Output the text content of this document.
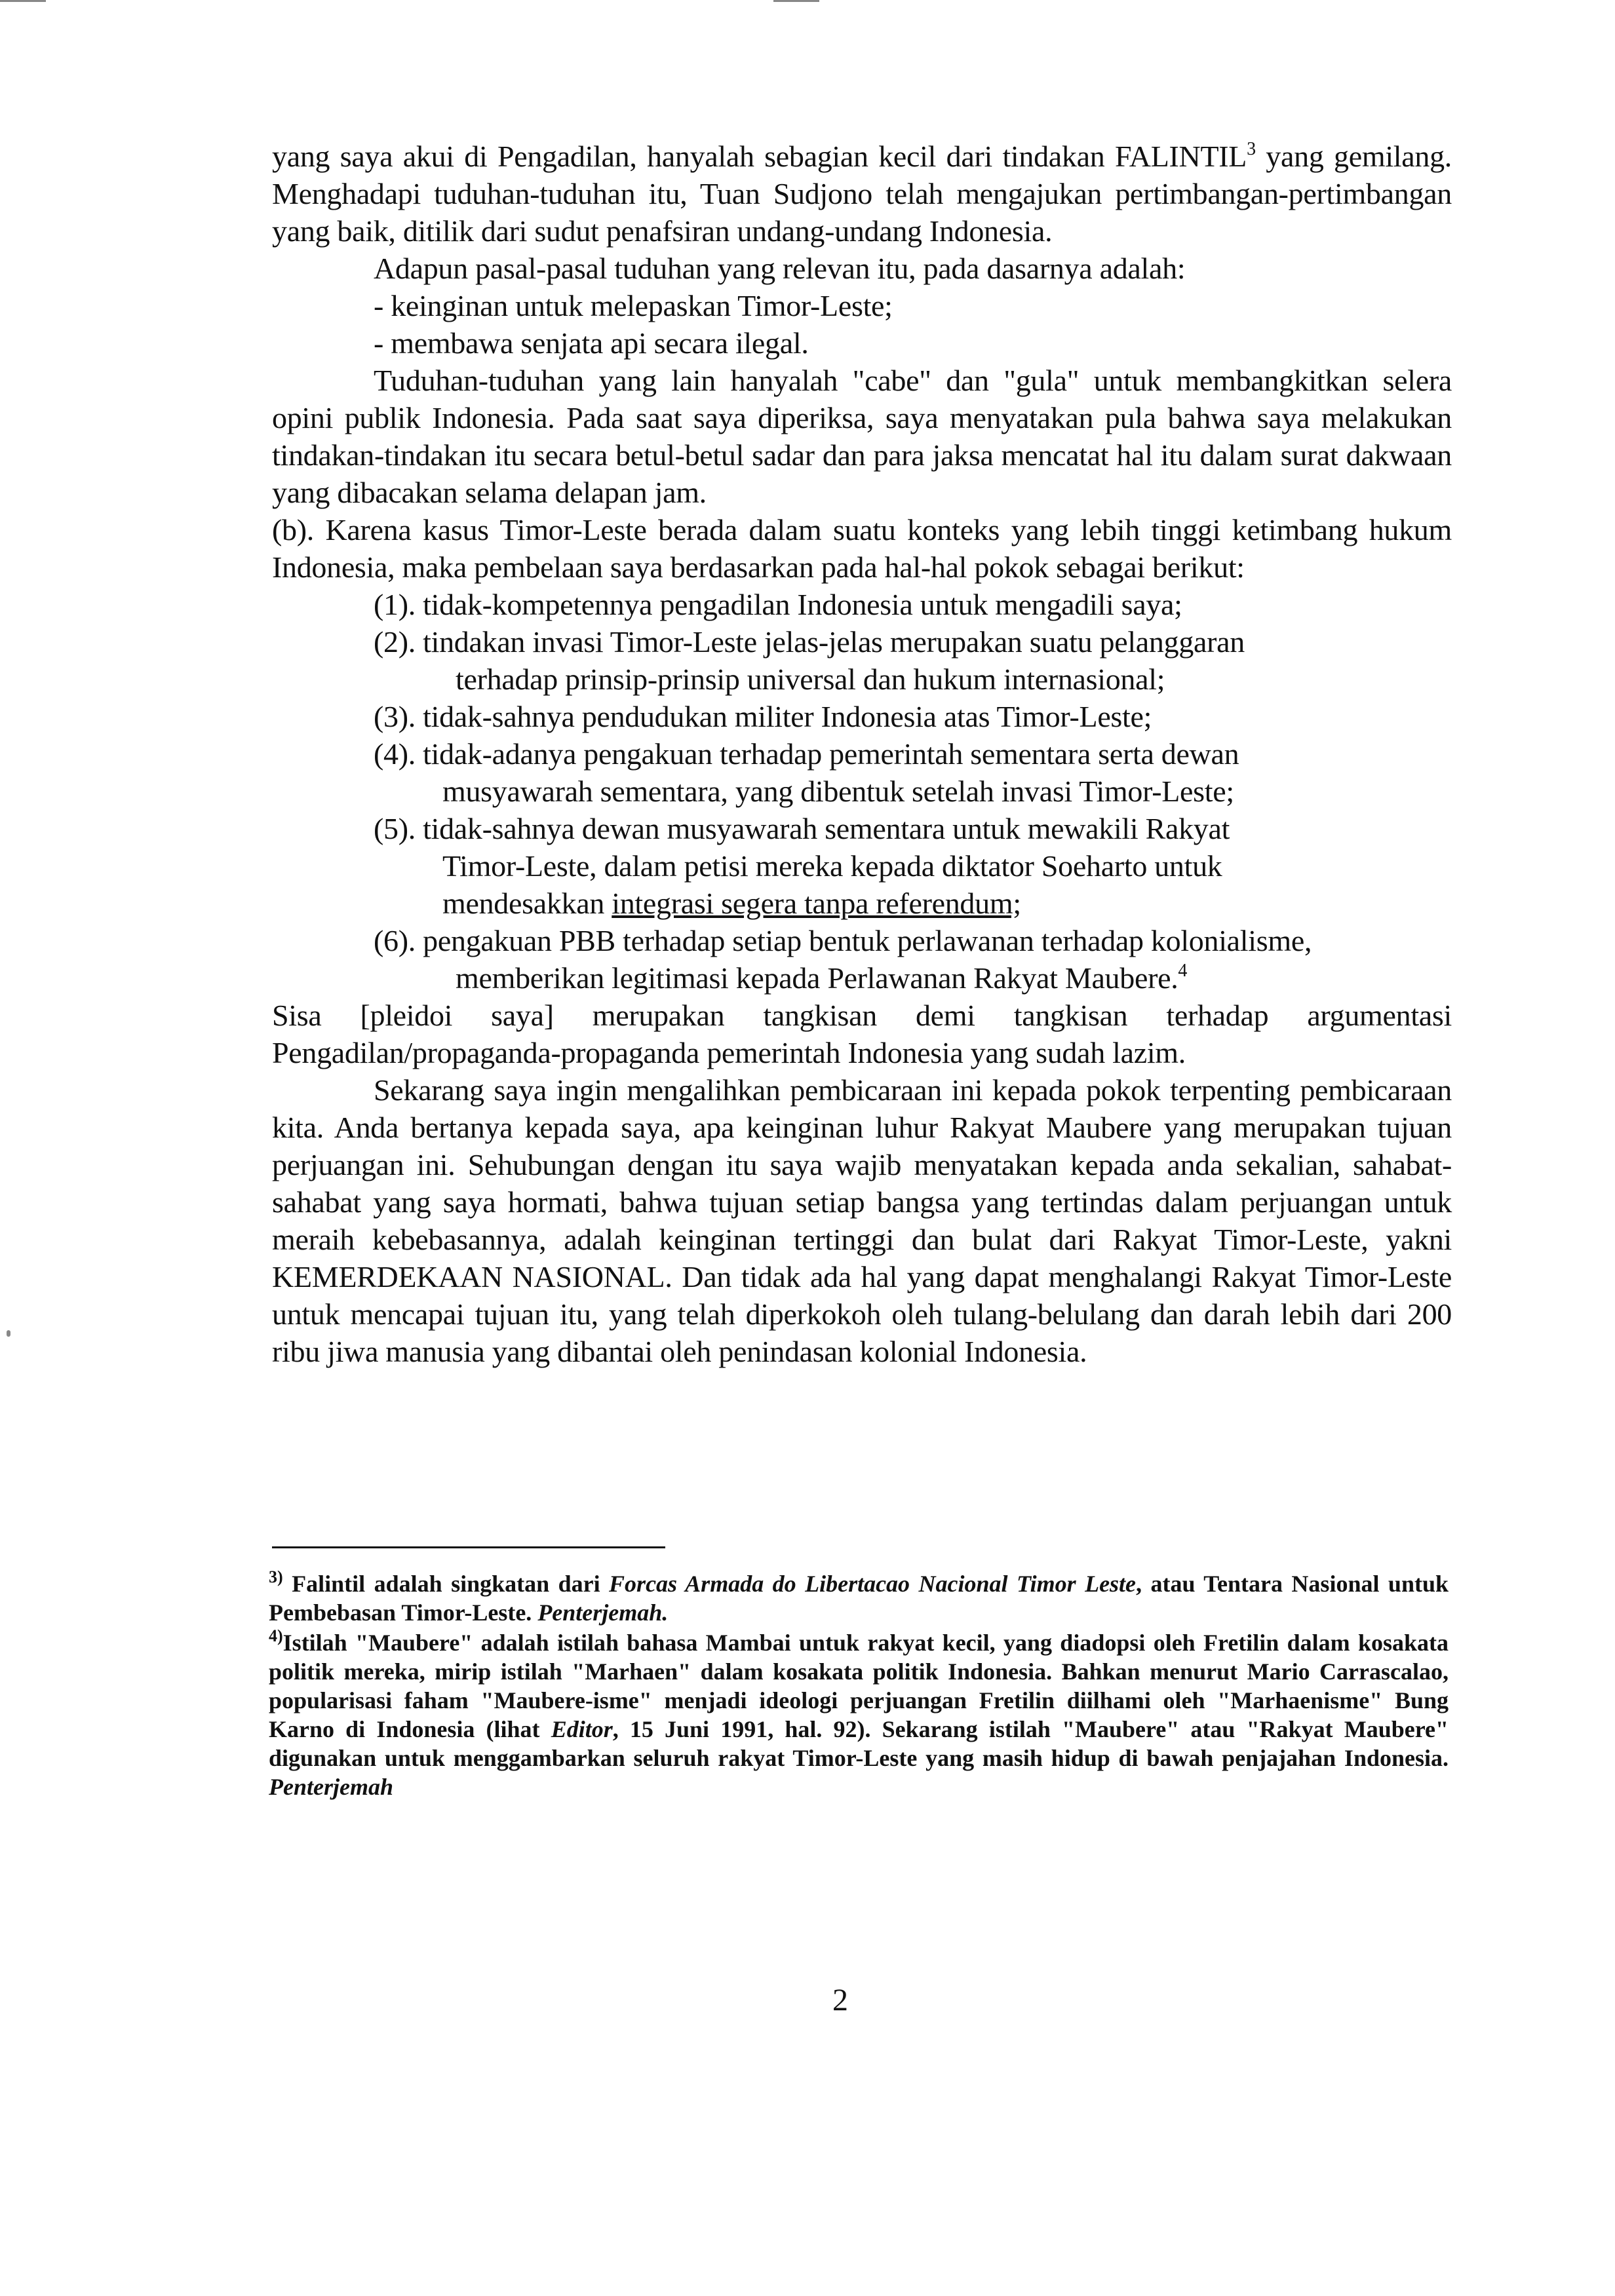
yang saya akui di Pengadilan, hanyalah sebagian kecil dari tindakan FALINTIL$^3$ yang gemilang. Menghadapi tuduhan-tuduhan itu, Tuan Sudjono telah mengajukan pertimbangan-pertimbangan yang baik, ditilik dari sudut penafsiran undang-undang Indonesia.

Adapun pasal-pasal tuduhan yang relevan itu, pada dasarnya adalah:

- keinginan untuk melepaskan Timor-Leste;

- membawa senjata api secara ilegal.

Tuduhan-tuduhan yang lain hanyalah "cabe" dan "gula" untuk membangkitkan selera opini publik Indonesia. Pada saat saya diperiksa, saya menyatakan pula bahwa saya melakukan tindakan-tindakan itu secara betul-betul sadar dan para jaksa mencatat hal itu dalam surat dakwaan yang dibacakan selama delapan jam.

(b). Karena kasus Timor-Leste berada dalam suatu konteks yang lebih tinggi ketimbang hukum Indonesia, maka pembelaan saya berdasarkan pada hal-hal pokok sebagai berikut:

(1). tidak-kompetennya pengadilan Indonesia untuk mengadili saya;
(2). tindakan invasi Timor-Leste jelas-jelas merupakan suatu pelanggaran
terhadap prinsip-prinsip universal dan hukum internasional;
(3). tidak-sahnya pendudukan militer Indonesia atas Timor-Leste;
(4). tidak-adanya pengakuan terhadap pemerintah sementara serta dewan
musyawarah sementara, yang dibentuk setelah invasi Timor-Leste;
(5). tidak-sahnya dewan musyawarah sementara untuk mewakili Rakyat
Timor-Leste, dalam petisi mereka kepada diktator Soeharto untuk
mendesakkan integrasi segera tanpa referendum;
(6). pengakuan PBB terhadap setiap bentuk perlawanan terhadap kolonialisme,
memberikan legitimasi kepada Perlawanan Rakyat Maubere.$^4$

Sisa [pleidoi saya] merupakan tangkisan demi tangkisan terhadap argumentasi Pengadilan/propaganda-propaganda pemerintah Indonesia yang sudah lazim.

Sekarang saya ingin mengalihkan pembicaraan ini kepada pokok terpenting pembicaraan kita. Anda bertanya kepada saya, apa keinginan luhur Rakyat Maubere yang merupakan tujuan perjuangan ini. Sehubungan dengan itu saya wajib menyatakan kepada anda sekalian, sahabat-sahabat yang saya hormati, bahwa tujuan setiap bangsa yang tertindas dalam perjuangan untuk meraih kebebasannya, adalah keinginan tertinggi dan bulat dari Rakyat Timor-Leste, yakni KEMERDEKAAN NASIONAL. Dan tidak ada hal yang dapat menghalangi Rakyat Timor-Leste untuk mencapai tujuan itu, yang telah diperkokoh oleh tulang-belulang dan darah lebih dari 200 ribu jiwa manusia yang dibantai oleh penindasan kolonial Indonesia.

$^{3)}$ Falintil adalah singkatan dari Forcas Armada do Libertacao Nacional Timor Leste, atau Tentara Nasional untuk Pembebasan Timor-Leste. Penterjemah.

$^{4)}$Istilah "Maubere" adalah istilah bahasa Mambai untuk rakyat kecil, yang diadopsi oleh Fretilin dalam kosakata politik mereka, mirip istilah "Marhaen" dalam kosakata politik Indonesia. Bahkan menurut Mario Carrascalao, popularisasi faham "Maubere-isme" menjadi ideologi perjuangan Fretilin diilhami oleh "Marhaenisme" Bung Karno di Indonesia (lihat Editor, 15 Juni 1991, hal. 92). Sekarang istilah "Maubere" atau "Rakyat Maubere" digunakan untuk menggambarkan seluruh rakyat Timor-Leste yang masih hidup di bawah penjajahan Indonesia. Penterjemah

2
